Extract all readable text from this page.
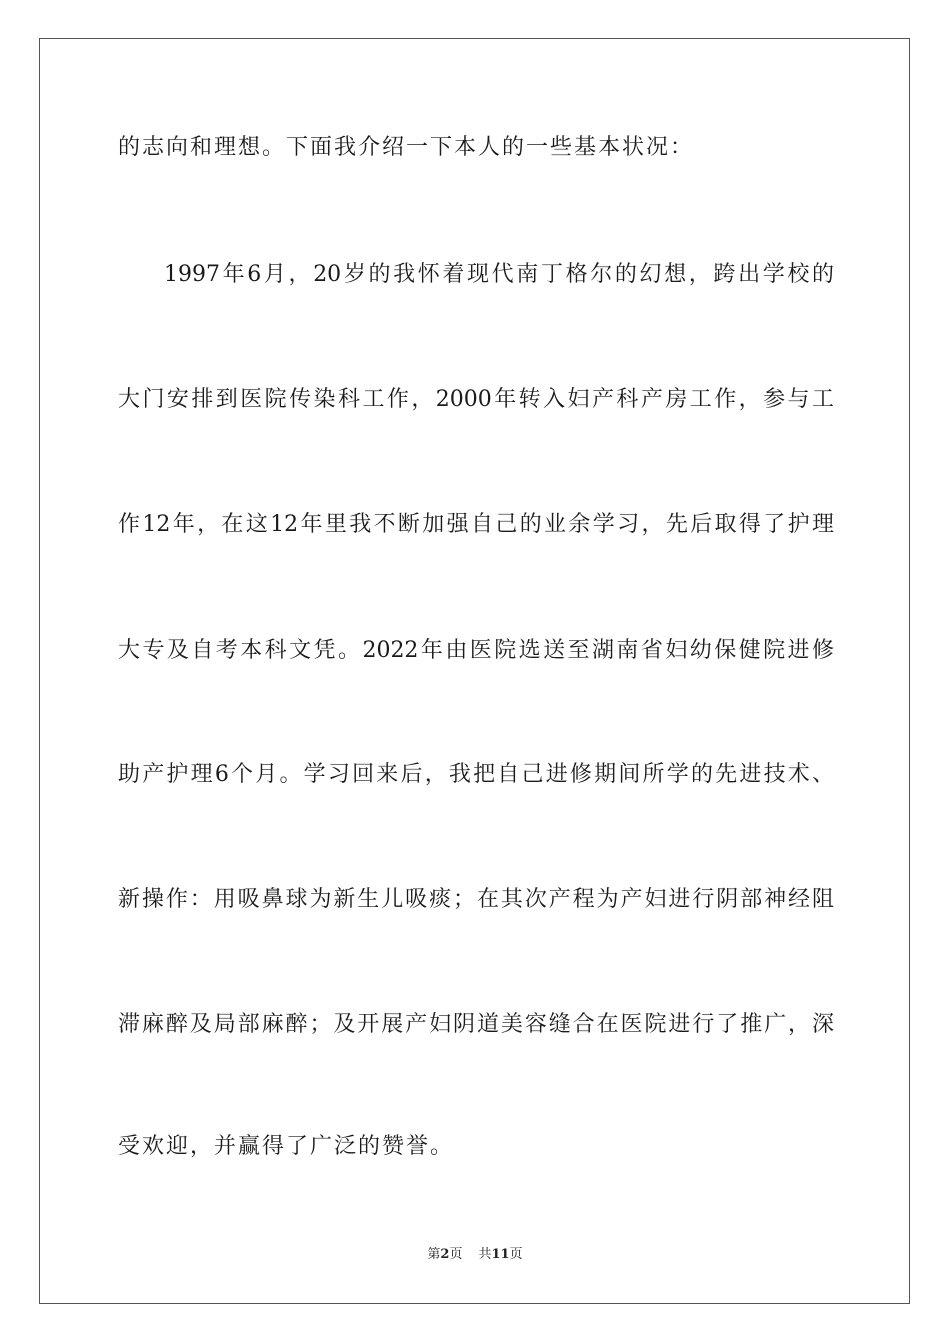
的志向和理想。下面我介绍一下本人的一些基本状况：
1997年6月，20岁的我怀着现代南丁格尔的幻想，跨出学校的
大门安排到医院传染科工作，2000年转入妇产科产房工作，参与工
作12年，在这12年里我不断加强自己的业余学习，先后取得了护理
大专及自考本科文凭。2022年由医院选送至湖南省妇幼保健院进修
助产护理6个月。学习回来后，我把自己进修期间所学的先进技术、
新操作：用吸鼻球为新生儿吸痰；在其次产程为产妇进行阴部神经阻
滞麻醉及局部麻醉；及开展产妇阴道美容缝合在医院进行了推广，深
受欢迎，并赢得了广泛的赞誉。
第2页 共11页
